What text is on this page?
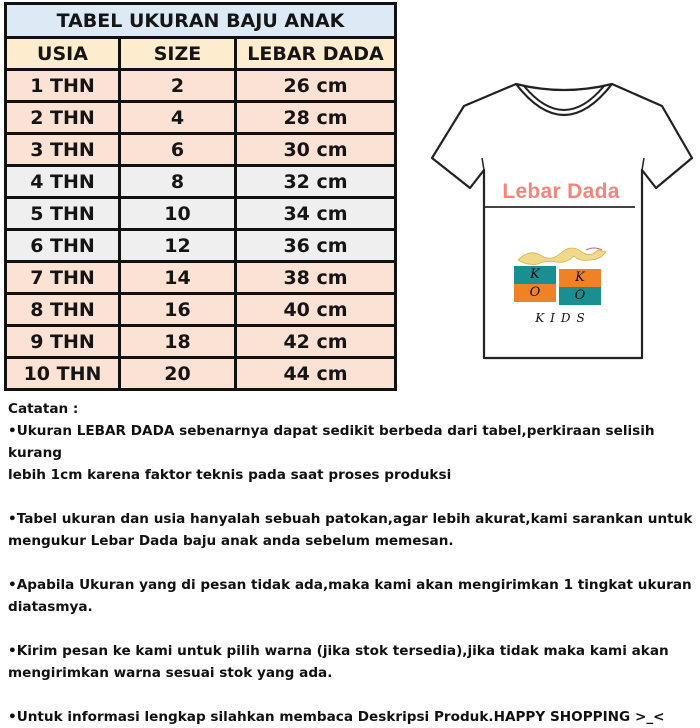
TABEL UKURAN BAJU ANAK		
USIA	SIZE	LEBAR DADA
1 THN	2	26 cm
2 THN	4	28 cm
3 THN	6	30 cm
4 THN	8	32 cm
5 THN	10	34 cm
6 THN	12	36 cm
7 THN	14	38 cm
8 THN	16	40 cm
9 THN	18	42 cm
10 THN	20	44 cm
Lebar Dada
K
O
K
O
KIDS

Catatan :

•Ukuran LEBAR DADA sebenarnya dapat sedikit berbeda dari tabel,perkiraan selisih kurang

lebih 1cm karena faktor teknis pada saat proses produksi

•Tabel ukuran dan usia hanyalah sebuah patokan,agar lebih akurat,kami sarankan untuk

mengukur Lebar Dada baju anak anda sebelum memesan.

•Apabila Ukuran yang di pesan tidak ada,maka kami akan mengirimkan 1 tingkat ukuran

diatasmya.

•Kirim pesan ke kami untuk pilih warna (jika stok tersedia),jika tidak maka kami akan

mengirimkan warna sesuai stok yang ada.

•Untuk informasi lengkap silahkan membaca Deskripsi Produk.HAPPY SHOPPING >_<
